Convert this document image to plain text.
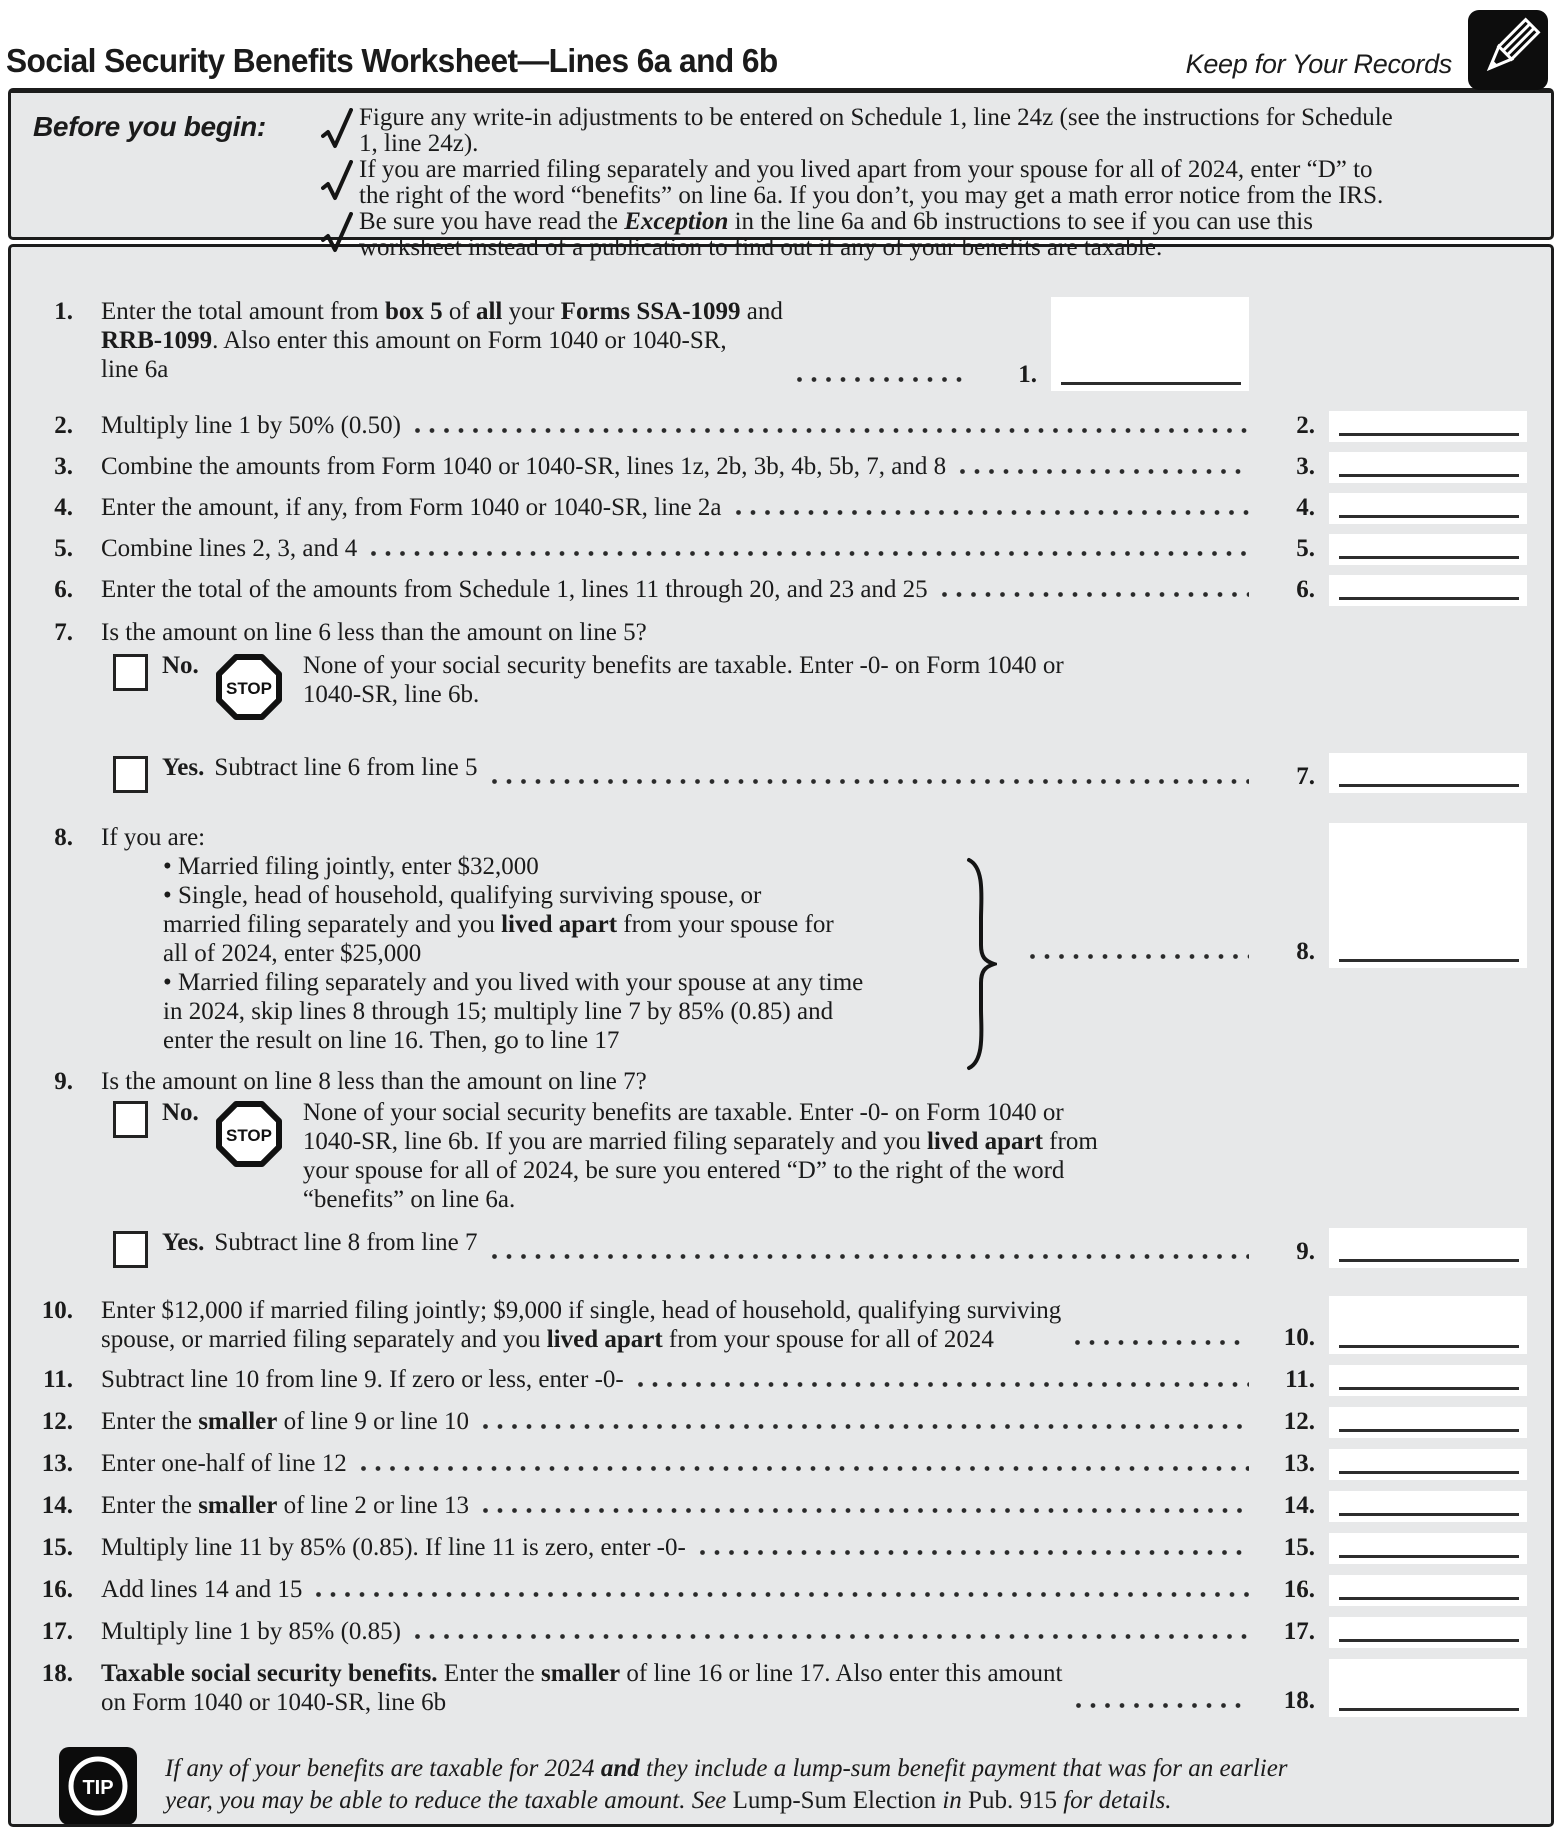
Social Security Benefits Worksheet—Lines 6a and 6b	Keep for Your Records
Before you begin:	Figure any write-in adjustments to be entered on Schedule 1, line 24z (see the instructions for Schedule
1, line 24z).

If you are married filing separately and you lived apart from your spouse for all of 2024, enter “D” to
the right of the word “benefits” on line 6a. If you don’t, you may get a math error notice from the IRS.

Be sure you have read the Exception in the line 6a and 6b instructions to see if you can use this
worksheet instead of a publication to find out if any of your benefits are taxable.

1. Enter the total amount from box 5 of all your Forms SSA-1099 and
RRB-1099. Also enter this amount on Form 1040 or 1040-SR,
line 6a	1.
2. Multiply line 1 by 50% (0.50)	2.
3. Combine the amounts from Form 1040 or 1040-SR, lines 1z, 2b, 3b, 4b, 5b, 7, and 8	3.
4. Enter the amount, if any, from Form 1040 or 1040-SR, line 2a	4.
5. Combine lines 2, 3, and 4	5.
6. Enter the total of the amounts from Schedule 1, lines 11 through 20, and 23 and 25	6.
7. Is the amount on line 6 less than the amount on line 5?
No.
STOP
None of your social security benefits are taxable. Enter -0- on Form 1040 or
1040-SR, line 6b.
Yes. Subtract line 6 from line 5	7.
8. If you are:

• Married filing jointly, enter $32,000

• Single, head of household, qualifying surviving spouse, or
married filing separately and you lived apart from your spouse for
all of 2024, enter $25,000	8.

• Married filing separately and you lived with your spouse at any time
in 2024, skip lines 8 through 15; multiply line 7 by 85% (0.85) and
enter the result on line 16. Then, go to line 17

9. Is the amount on line 8 less than the amount on line 7?
No.
STOP
None of your social security benefits are taxable. Enter -0- on Form 1040 or
1040-SR, line 6b. If you are married filing separately and you lived apart from
your spouse for all of 2024, be sure you entered “D” to the right of the word
“benefits” on line 6a.
Yes. Subtract line 8 from line 7	9.
10. Enter $12,000 if married filing jointly; $9,000 if single, head of household, qualifying surviving
spouse, or married filing separately and you lived apart from your spouse for all of 2024	10.
11. Subtract line 10 from line 9. If zero or less, enter -0-	11.
12. Enter the smaller of line 9 or line 10	12.
13. Enter one-half of line 12	13.
14. Enter the smaller of line 2 or line 13	14.
15. Multiply line 11 by 85% (0.85). If line 11 is zero, enter -0-	15.
16. Add lines 14 and 15	16.
17. Multiply line 1 by 85% (0.85)	17.
18. Taxable social security benefits. Enter the smaller of line 16 or line 17. Also enter this amount
on Form 1040 or 1040-SR, line 6b	18.
TIP
If any of your benefits are taxable for 2024 and they include a lump-sum benefit payment that was for an earlier
year, you may be able to reduce the taxable amount. See Lump-Sum Election in Pub. 915 for details.
